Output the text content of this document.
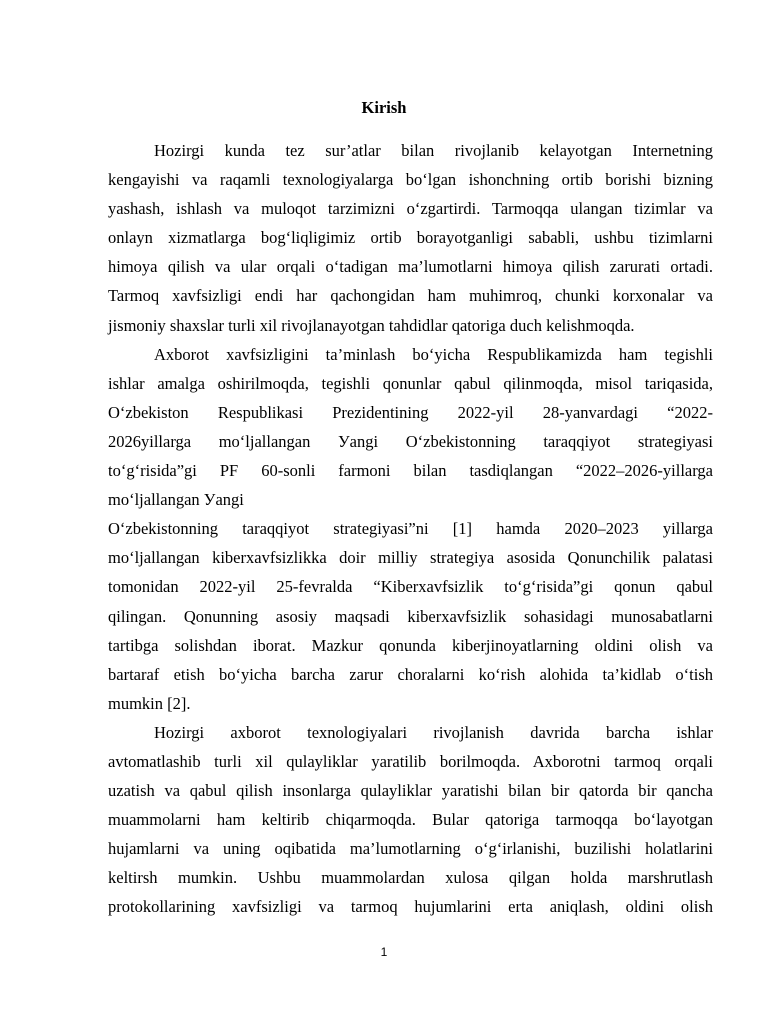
Kirish
Hozirgi kunda tez sur’atlar bilan rivojlanib kelayotgan Internetning
kengayishi va raqamli texnologiyalarga bo‘lgan ishonchning ortib borishi bizning
yashash, ishlash va muloqot tarzimizni o‘zgartirdi. Tarmoqqa ulangan tizimlar va
onlayn xizmatlarga bog‘liqligimiz ortib borayotganligi sababli, ushbu tizimlarni
himoya qilish va ular orqali o‘tadigan ma’lumotlarni himoya qilish zarurati ortadi.
Tarmoq xavfsizligi endi har qachongidan ham muhimroq, chunki korxonalar va
jismoniy shaxslar turli xil rivojlanayotgan tahdidlar qatoriga duch kelishmoqda.
Axborot xavfsizligini ta’minlash bo‘yicha Respublikamizda ham tegishli
ishlar amalga oshirilmoqda, tegishli qonunlar qabul qilinmoqda, misol tariqasida,
O‘zbekiston Respublikasi Prezidentining 2022-yil 28-yanvardagi “2022-
2026yillarga mo‘ljallangan Уangi O‘zbekistonning taraqqiyot strategiyasi
to‘g‘risida”gi PF 60-sonli farmoni bilan tasdiqlangan “2022–2026-yillarga
mo‘ljallangan Уangi
O‘zbekistonning taraqqiyot strategiyasi”ni [1] hamda 2020–2023 yillarga
mo‘ljallangan kiberxavfsizlikka doir milliy strategiya asosida Qonunchilik palatasi
tomonidan 2022-yil 25-fevralda “Kiberxavfsizlik to‘g‘risida”gi qonun qabul
qilingan. Qonunning asosiy maqsadi kiberxavfsizlik sohasidagi munosabatlarni
tartibga solishdan iborat. Mazkur qonunda kiberjinoyatlarning oldini olish va
bartaraf etish bo‘yicha barcha zarur choralarni ko‘rish alohida ta’kidlab o‘tish
mumkin [2].
Hozirgi axborot texnologiyalari rivojlanish davrida barcha ishlar
avtomatlashib turli xil qulayliklar yaratilib borilmoqda. Axborotni tarmoq orqali
uzatish va qabul qilish insonlarga qulayliklar yaratishi bilan bir qatorda bir qancha
muammolarni ham keltirib chiqarmoqda. Bular qatoriga tarmoqqa bo‘layotgan
hujamlarni va uning oqibatida ma’lumotlarning o‘g‘irlanishi, buzilishi holatlarini
keltirsh mumkin. Ushbu muammolardan xulosa qilgan holda marshrutlash
protokollarining xavfsizligi va tarmoq hujumlarini erta aniqlash, oldini olish
1
